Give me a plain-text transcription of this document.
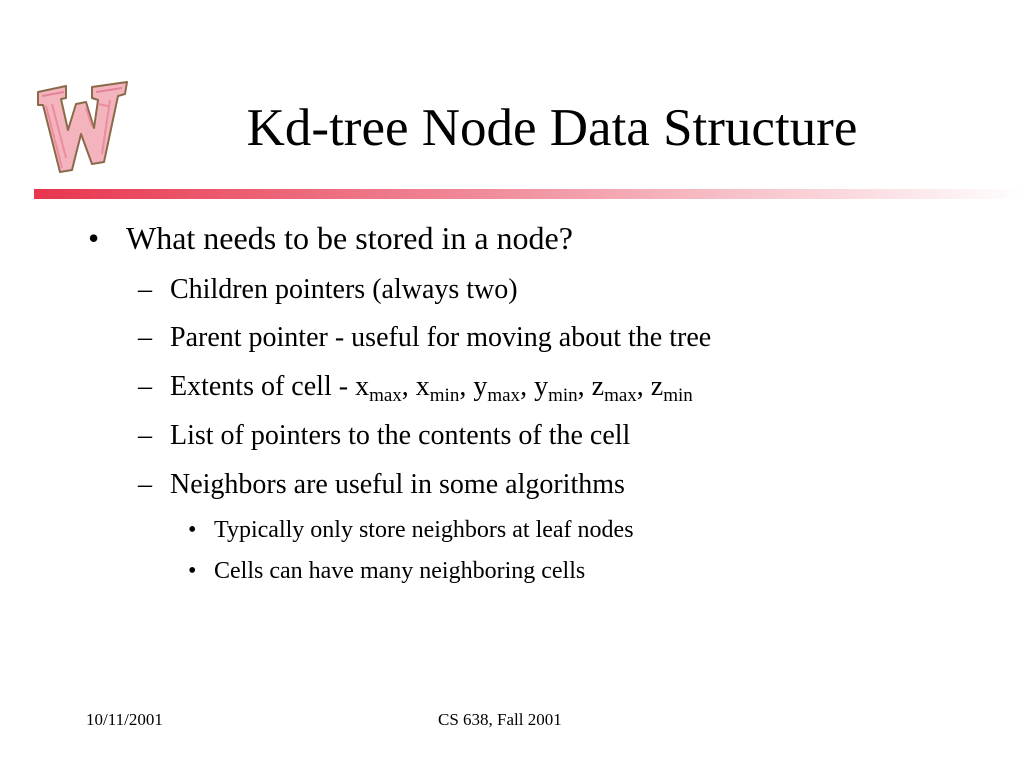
Kd-tree Node Data Structure
• What needs to be stored in a node?
– Children pointers (always two)
– Parent pointer - useful for moving about the tree
– Extents of cell - $x_{max}$, $x_{min}$, $y_{max}$, $y_{min}$, $z_{max}$, $z_{min}$
– List of pointers to the contents of the cell
– Neighbors are useful in some algorithms
• Typically only store neighbors at leaf nodes
• Cells can have many neighboring cells
10/11/2001	CS 638, Fall 2001
